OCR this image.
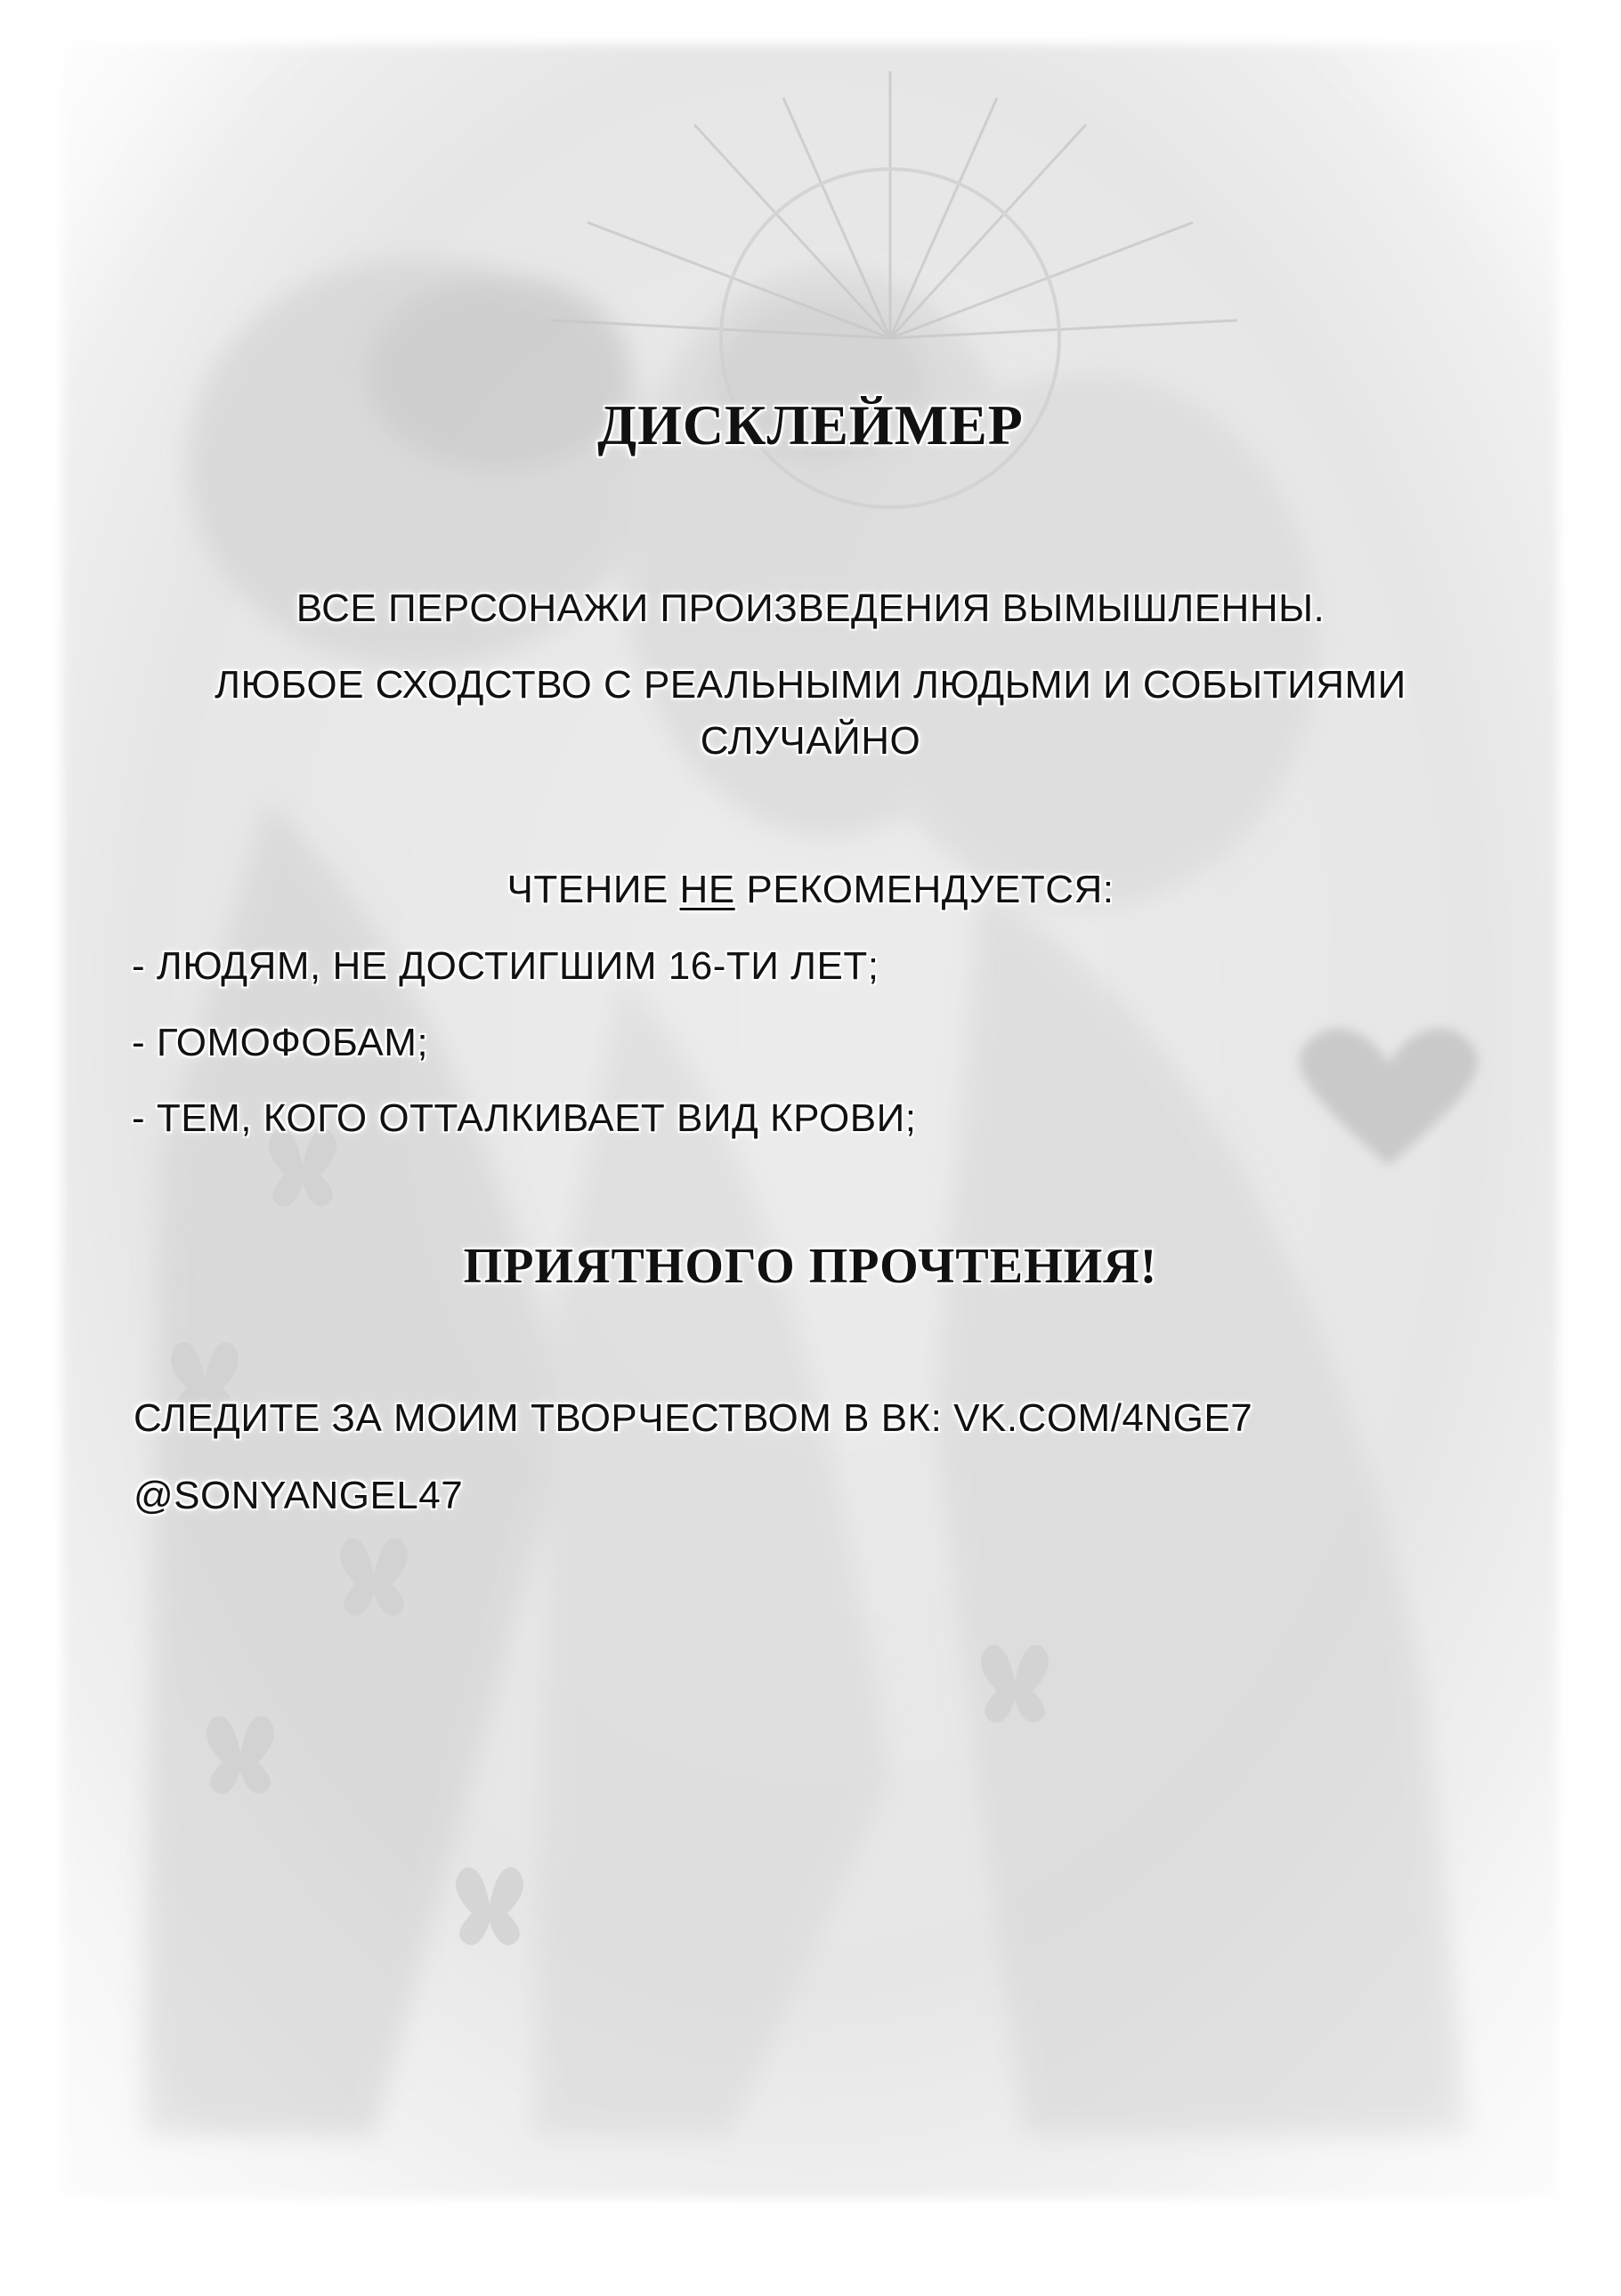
ДИСКЛЕЙМЕР
ВСЕ ПЕРСОНАЖИ ПРОИЗВЕДЕНИЯ ВЫМЫШЛЕННЫ.
ЛЮБОЕ СХОДСТВО С РЕАЛЬНЫМИ ЛЮДЬМИ И СОБЫТИЯМИ
СЛУЧАЙНО
ЧТЕНИЕ НЕ РЕКОМЕНДУЕТСЯ:
- ЛЮДЯМ, НЕ ДОСТИГШИМ 16-ТИ ЛЕТ;
- ГОМОФОБАМ;
- ТЕМ, КОГО ОТТАЛКИВАЕТ ВИД КРОВИ;
ПРИЯТНОГО ПРОЧТЕНИЯ!
СЛЕДИТЕ ЗА МОИМ ТВОРЧЕСТВОМ В ВК: VK.COM/4NGE7
@SONYANGEL47
